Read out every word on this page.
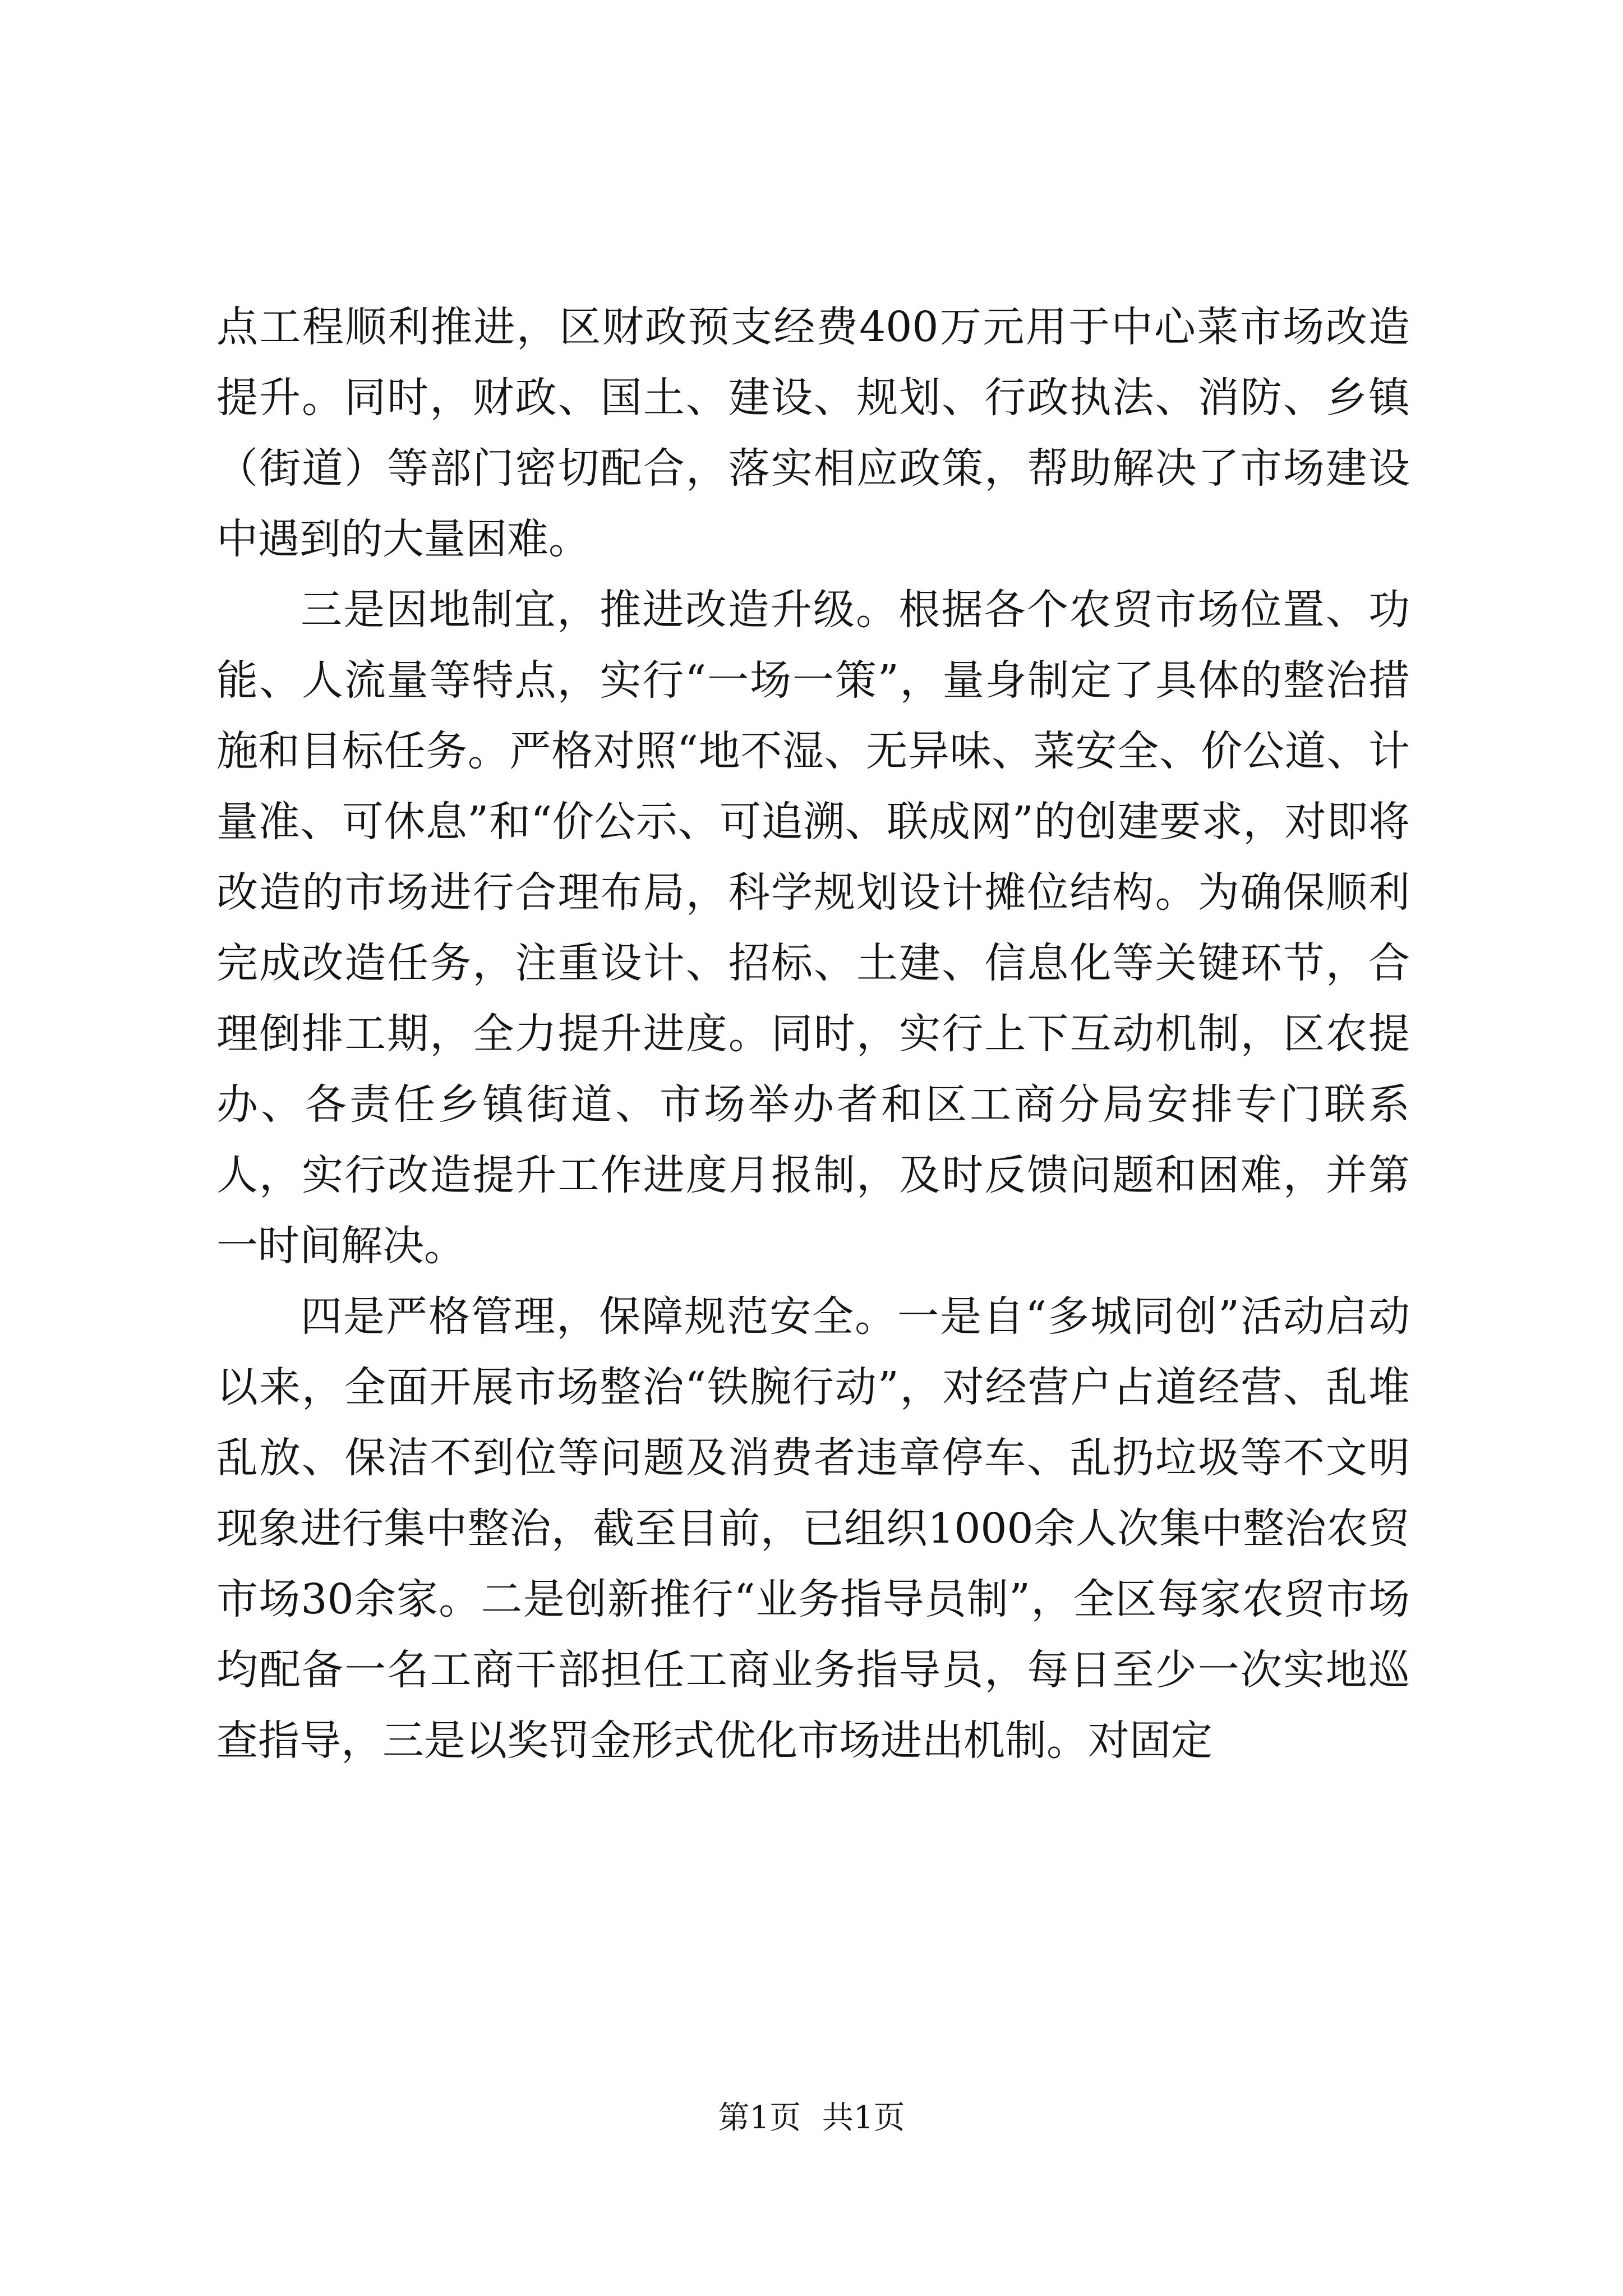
点工程顺利推进，区财政预支经费400万元用于中心菜市场改造提升。同时，财政、国土、建设、规划、行政执法、消防、乡镇（街道）等部门密切配合，落实相应政策，帮助解决了市场建设中遇到的大量困难。

三是因地制宜，推进改造升级。根据各个农贸市场位置、功能、人流量等特点，实行“一场一策”，量身制定了具体的整治措施和目标任务。严格对照“地不湿、无异味、菜安全、价公道、计量准、可休息”和“价公示、可追溯、联成网”的创建要求，对即将改造的市场进行合理布局，科学规划设计摊位结构。为确保顺利完成改造任务，注重设计、招标、土建、信息化等关键环节，合理倒排工期，全力提升进度。同时，实行上下互动机制，区农提办、各责任乡镇街道、市场举办者和区工商分局安排专门联系人，实行改造提升工作进度月报制，及时反馈问题和困难，并第一时间解决。

四是严格管理，保障规范安全。一是自“多城同创”活动启动以来，全面开展市场整治“铁腕行动”，对经营户占道经营、乱堆乱放、保洁不到位等问题及消费者违章停车、乱扔垃圾等不文明现象进行集中整治，截至目前，已组织1000余人次集中整治农贸市场30余家。二是创新推行“业务指导员制”，全区每家农贸市场均配备一名工商干部担任工商业务指导员，每日至少一次实地巡查指导，三是以奖罚金形式优化市场进出机制。对固定

第1页 共1页
